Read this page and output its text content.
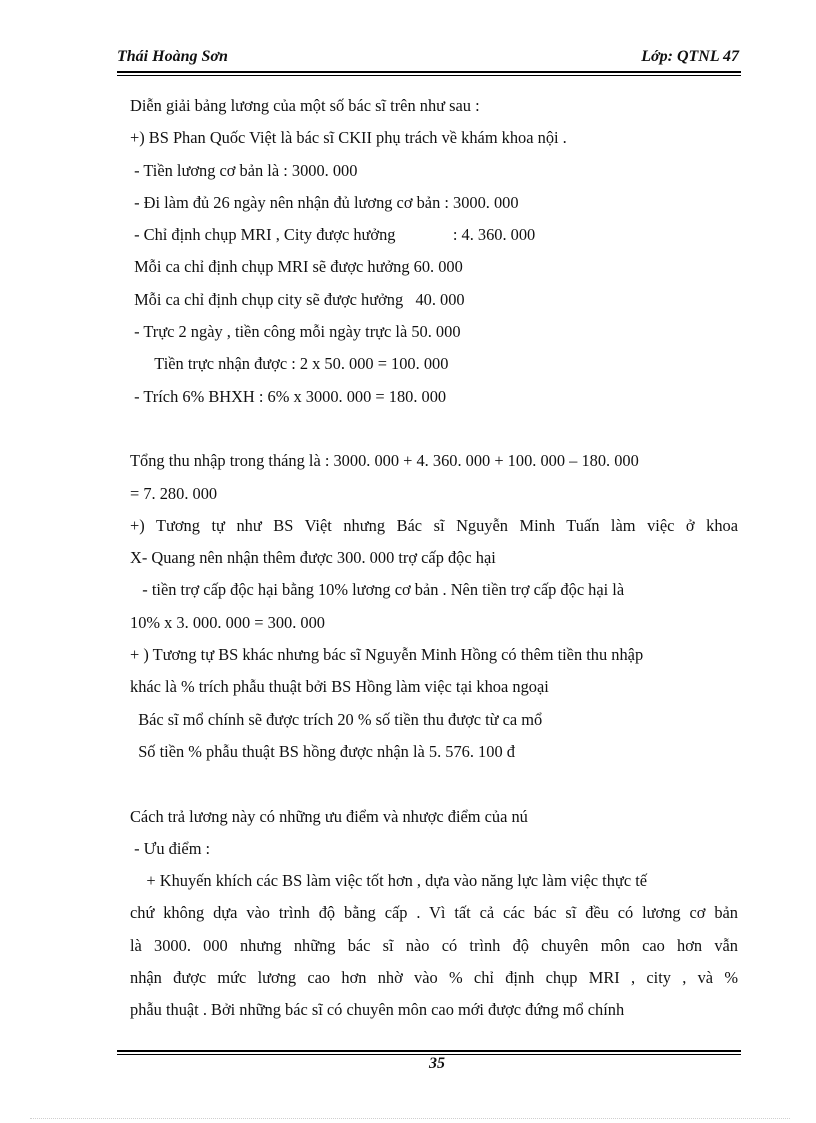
Thái Hoàng Sơn	Lớp: QTNL 47
Diễn giải bảng lương của một số bác sĩ trên như sau :
+) BS Phan Quốc Việt là bác sĩ CKII phụ trách về khám khoa nội .
- Tiền lương cơ bản là : 3000. 000
- Đi làm đủ 26 ngày nên nhận đủ lương cơ bản : 3000. 000
- Chỉ định chụp MRI , City được hưởng              : 4. 360. 000
Mỗi ca chỉ định chụp MRI sẽ được hưởng 60. 000
Mỗi ca chỉ định chụp city sẽ được hưởng   40. 000
- Trực 2 ngày , tiền công mỗi ngày trực là 50. 000
Tiền trực nhận được : 2 x 50. 000 = 100. 000
- Trích 6% BHXH : 6% x 3000. 000 = 180. 000
Tổng thu nhập trong tháng là : 3000. 000 + 4. 360. 000 + 100. 000 – 180. 000
= 7. 280. 000
+) Tương tự như BS Việt nhưng Bác sĩ Nguyễn Minh Tuấn làm việc ở khoa
X- Quang nên nhận thêm được 300. 000 trợ cấp độc hại
- tiền trợ cấp độc hại bằng 10% lương cơ bản . Nên tiền trợ cấp độc hại là
10% x 3. 000. 000 = 300. 000
+ ) Tương tự BS khác nhưng bác sĩ Nguyễn Minh Hồng có thêm tiền thu nhập
khác là % trích phẫu thuật bởi BS Hồng làm việc tại khoa ngoại
Bác sĩ mổ chính sẽ được trích 20 % số tiền thu được từ ca mổ
Số tiền % phẫu thuật BS hồng được nhận là 5. 576. 100 đ
Cách trả lương này có những ưu điểm và nhược điểm của nú
- Ưu điểm :
+ Khuyến khích các BS làm việc tốt hơn , dựa vào năng lực làm việc thực tế
chứ không dựa vào trình độ bằng cấp . Vì tất cả các bác sĩ đều có lương cơ bản
là 3000. 000 nhưng những bác sĩ nào có trình độ chuyên môn cao hơn vẫn
nhận được mức lương cao hơn nhờ vào % chỉ định chụp MRI , city , và %
phẫu thuật . Bởi những bác sĩ có chuyên môn cao mới được đứng mổ chính
35
